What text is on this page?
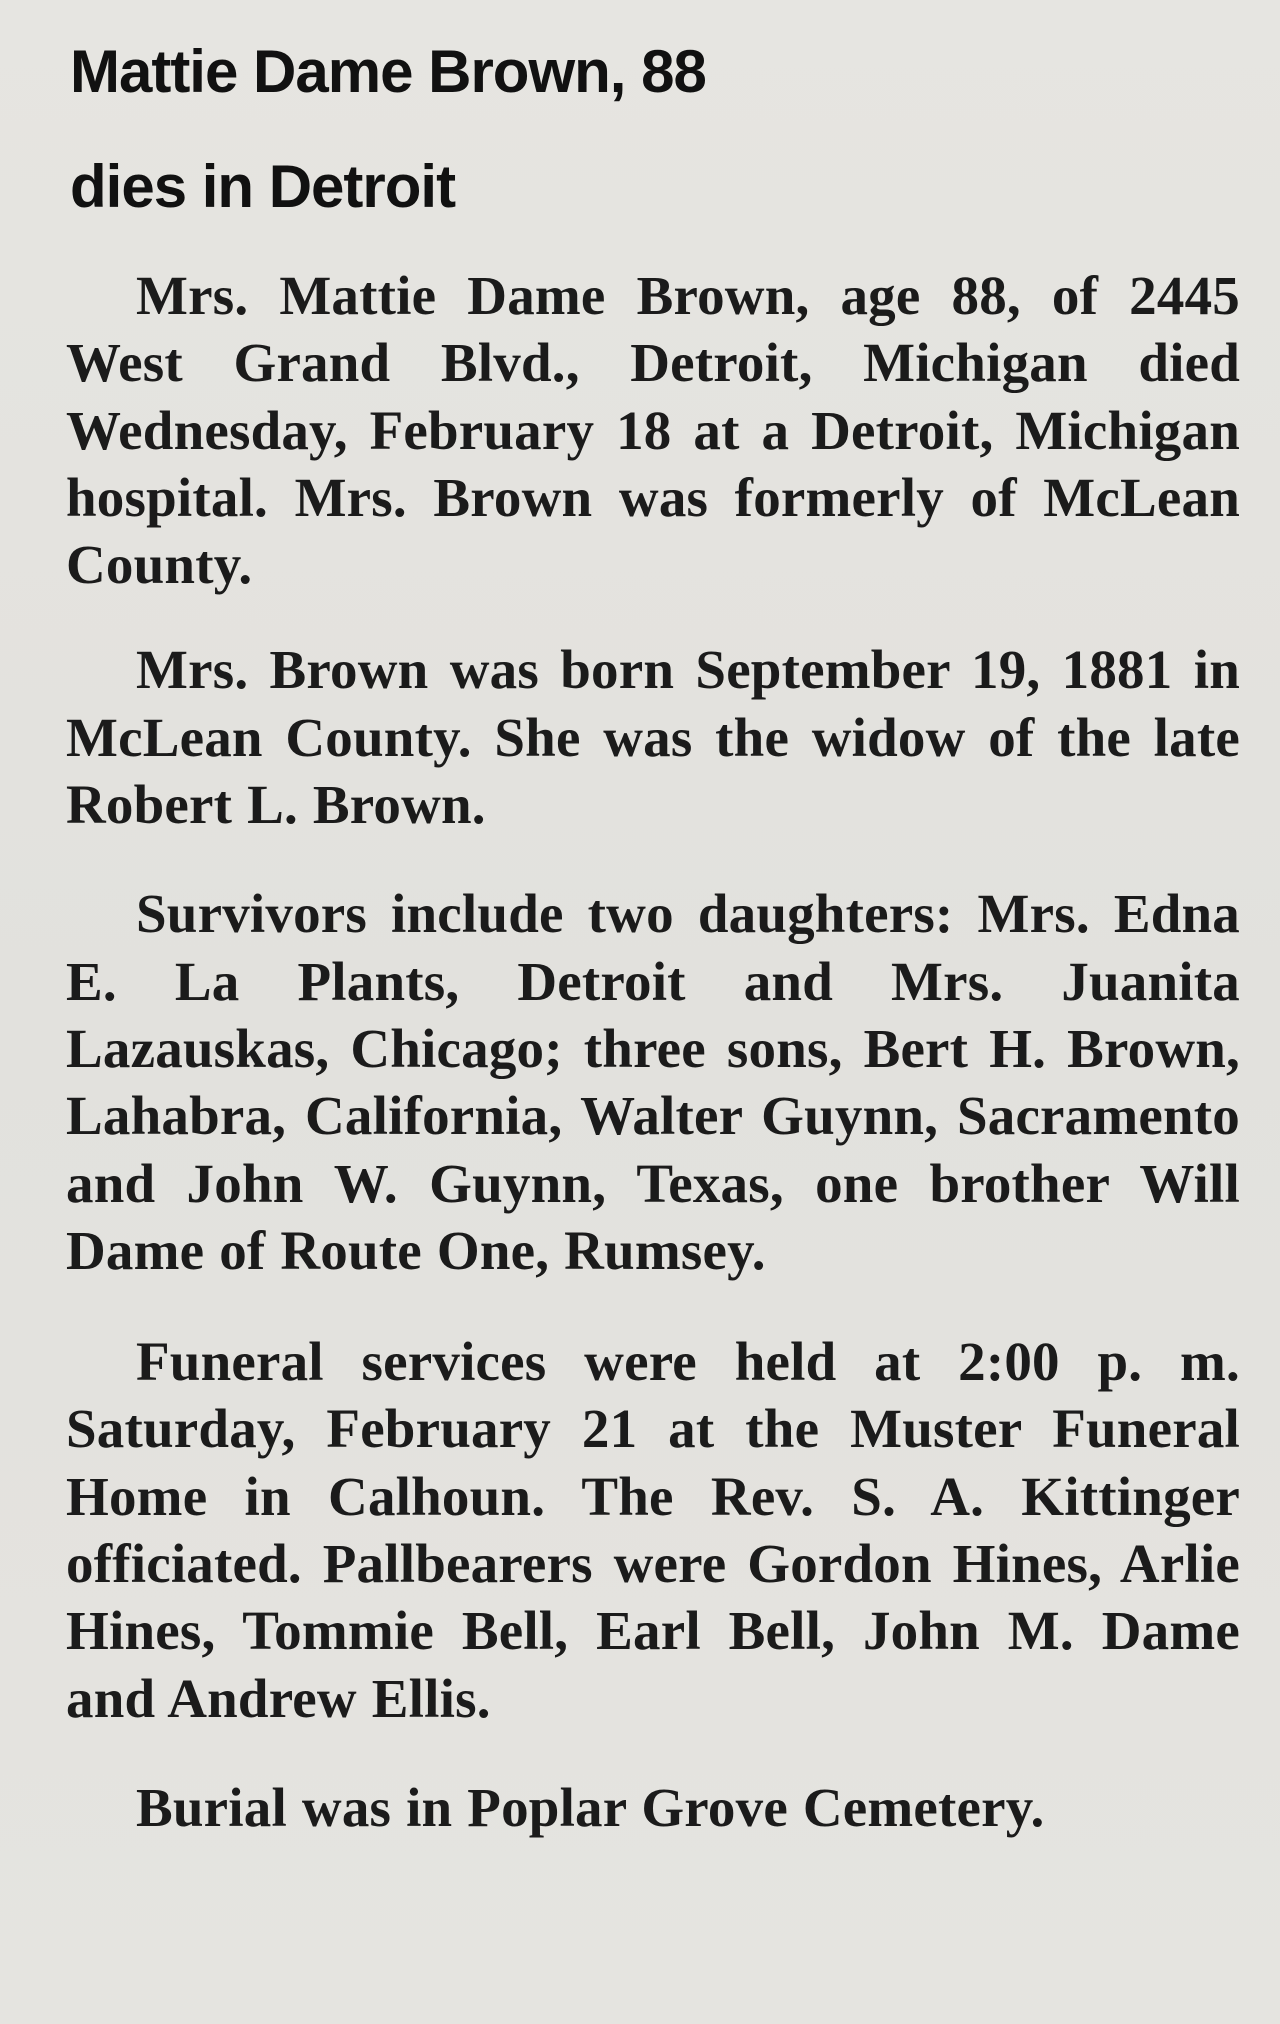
Mattie Dame Brown, 88
dies in Detroit

Mrs. Mattie Dame Brown, age 88, of 2445 West Grand Blvd., Detroit, Michigan died Wednesday, February 18 at a Detroit, Michigan hospital. Mrs. Brown was formerly of McLean County.

Mrs. Brown was born September 19, 1881 in McLean County. She was the widow of the late Robert L. Brown.

Survivors include two daughters: Mrs. Edna E. La Plants, Detroit and Mrs. Juanita Lazauskas, Chicago; three sons, Bert H. Brown, Lahabra, California, Walter Guynn, Sacramento and John W. Guynn, Texas, one brother Will Dame of Route One, Rumsey.

Funeral services were held at 2:00 p. m. Saturday, February 21 at the Muster Funeral Home in Calhoun. The Rev. S. A. Kittinger officiated. Pallbearers were Gordon Hines, Arlie Hines, Tommie Bell, Earl Bell, John M. Dame and Andrew Ellis.

Burial was in Poplar Grove Cemetery.
